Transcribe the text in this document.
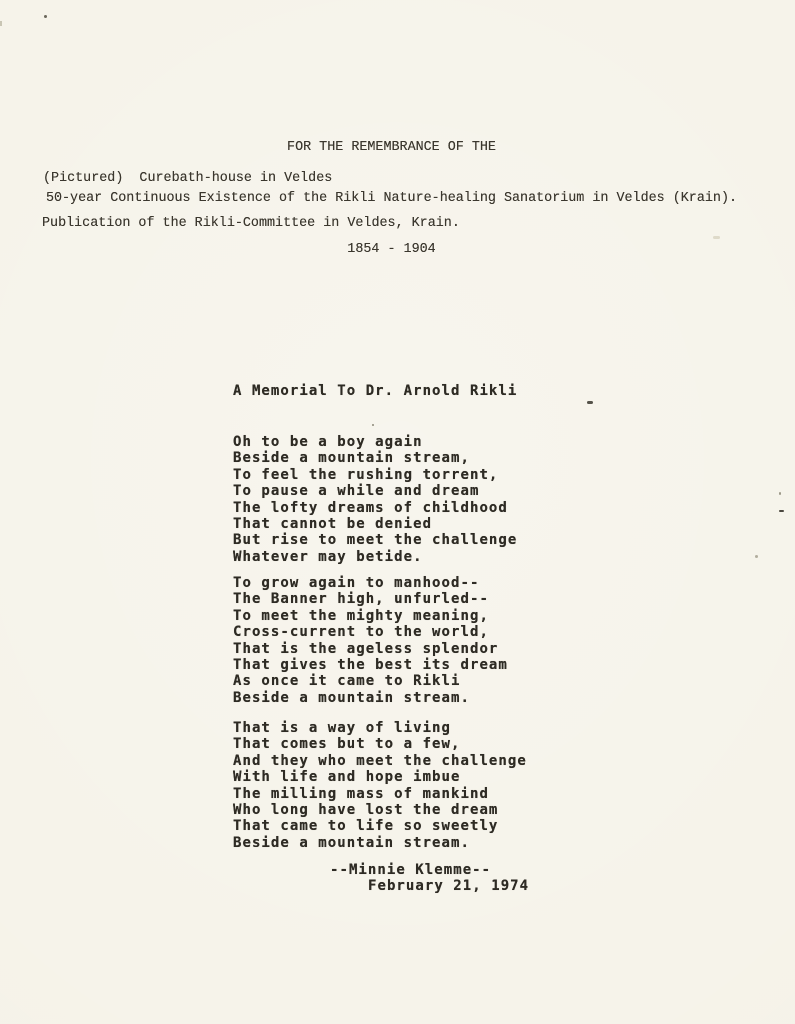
FOR THE REMEMBRANCE OF THE

50-year Continuous Existence of the Rikli Nature-healing Sanatorium in Veldes (Krain).

1854 - 1904

(Pictured)  Curebath-house in Veldes
Publication of the Rikli-Committee in Veldes, Krain.
A Memorial To Dr. Arnold Rikli
Oh to be a boy again
Beside a mountain stream,
To feel the rushing torrent,
To pause a while and dream
The lofty dreams of childhood
That cannot be denied
But rise to meet the challenge
Whatever may betide.
To grow again to manhood--
The Banner high, unfurled--
To meet the mighty meaning,
Cross-current to the world,
That is the ageless splendor
That gives the best its dream
As once it came to Rikli
Beside a mountain stream.
That is a way of living
That comes but to a few,
And they who meet the challenge
With life and hope imbue
The milling mass of mankind
Who long have lost the dream
That came to life so sweetly
Beside a mountain stream.
--Minnie Klemme--
February 21, 1974
